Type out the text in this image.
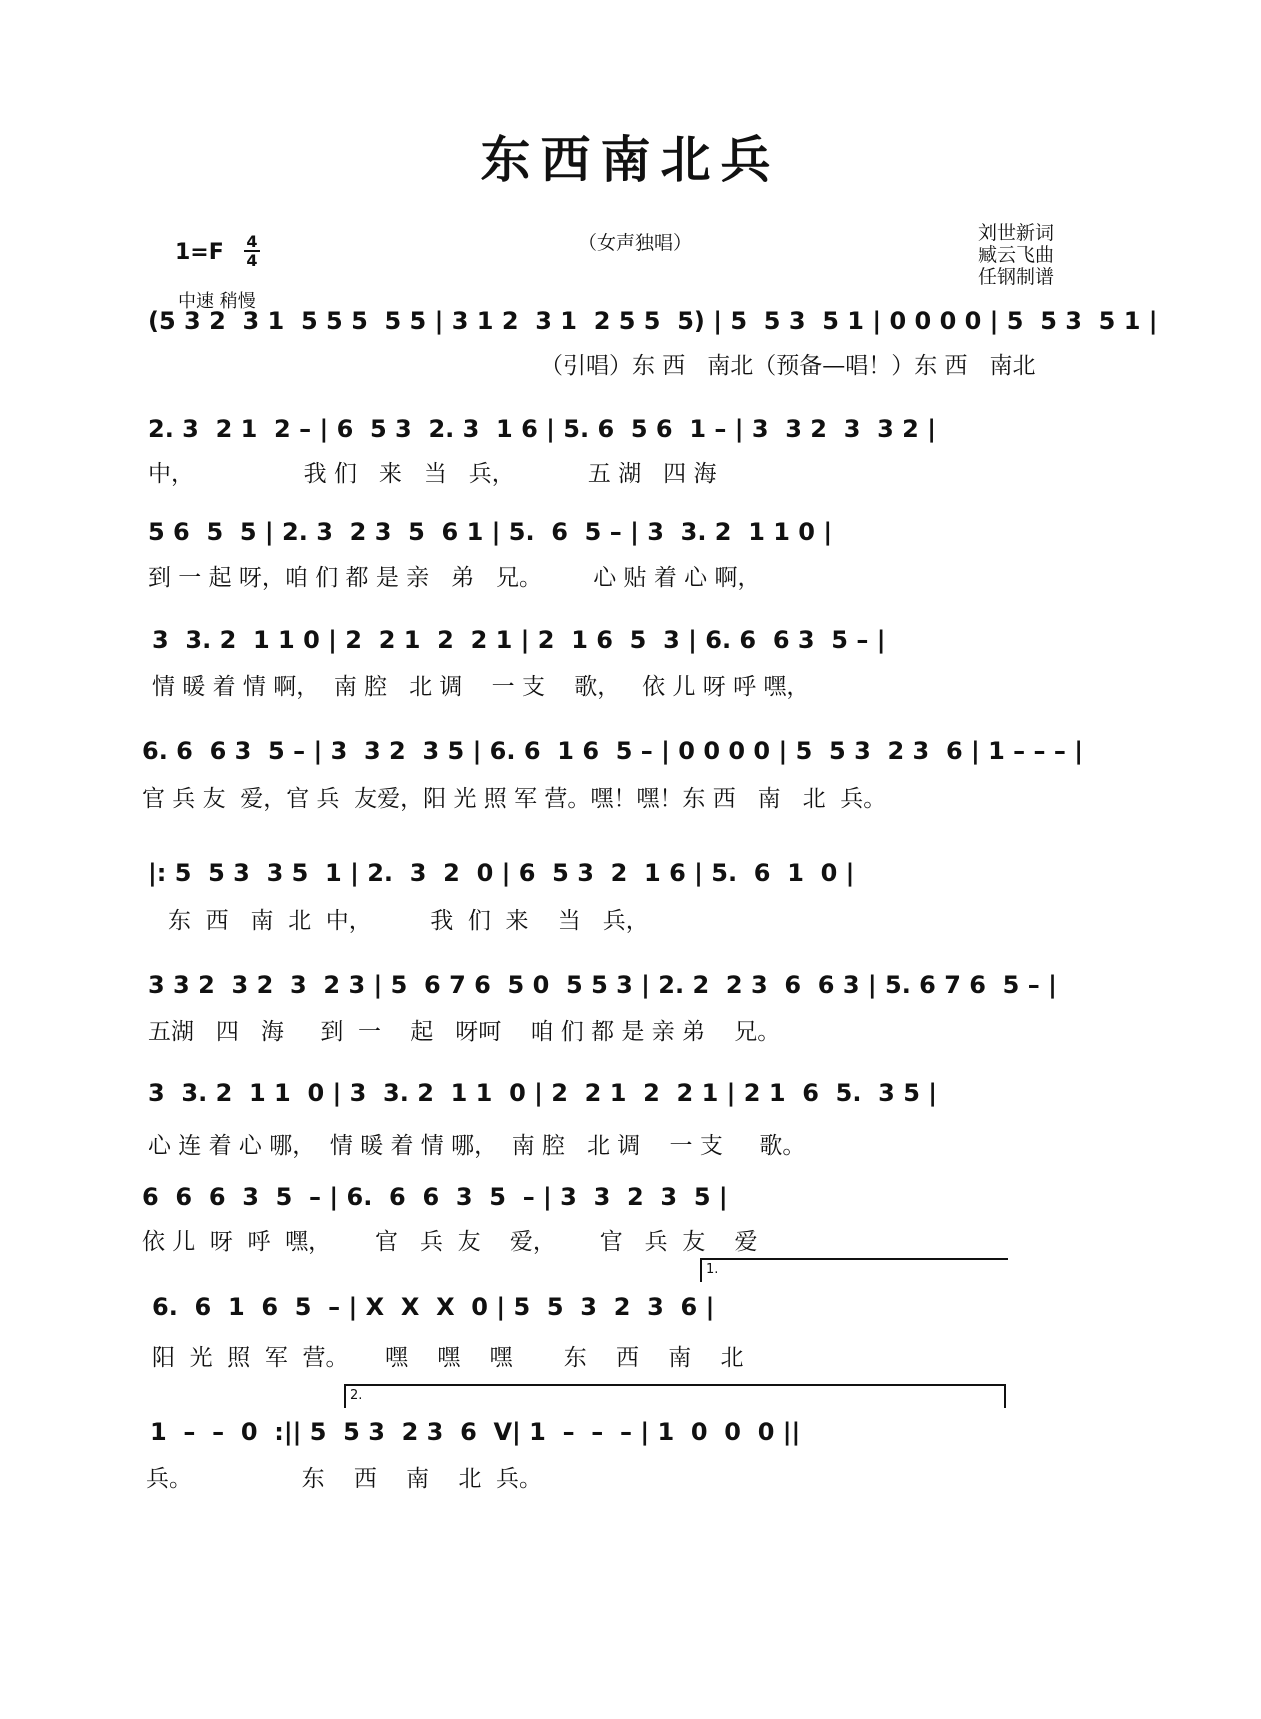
东西南北兵
1=F 4
4
中速 稍慢
（女声独唱）	刘世新词
臧云飞曲
任钢制谱
(5 3 2  3 1  5 5 5  5 5 | 3 1 2  3 1  2 5 5  5) | 5  5 3  5 1 | 0 0 0 0 | 5  5 3  5 1 |
（引唱）东 西   南北（预备—唱！）东 西   南北
2. 3  2 1  2 – | 6  5 3  2. 3  1 6 | 5. 6  5 6  1 – | 3  3 2  3  3 2 |
中，               我 们   来   当   兵，          五 湖   四 海
5 6  5  5 | 2. 3  2 3  5  6 1 | 5.  6  5 – | 3  3. 2  1 1 0 |
到 一 起 呀，咱 们 都 是 亲   弟   兄。       心 贴 着 心 啊，
3  3. 2  1 1 0 | 2  2 1  2  2 1 | 2  1 6  5  3 | 6. 6  6 3  5 – |
情 暖 着 情 啊，  南 腔   北 调    一 支    歌，   依 儿 呀 呼 嘿，
6. 6  6 3  5 – | 3  3 2  3 5 | 6. 6  1 6  5 – | 0 0 0 0 | 5  5 3  2 3  6 | 1 – – – |
官 兵 友  爱，官 兵  友爱，阳 光 照 军 营。嘿！嘿！东 西   南   北  兵。
|: 5  5 3  3 5  1 | 2.  3  2  0 | 6  5 3  2  1 6 | 5.  6  1  0 |
东  西   南  北  中，        我  们  来    当   兵，
3 3 2  3 2  3  2 3 | 5  6 7 6  5 0  5 5 3 | 2. 2  2 3  6  6 3 | 5. 6 7 6  5 – |
五湖   四   海     到  一    起   呀呵    咱 们 都 是 亲 弟    兄。
3  3. 2  1 1  0 | 3  3. 2  1 1  0 | 2  2 1  2  2 1 | 2 1  6  5.  3 5 |
心 连 着 心 哪，  情 暖 着 情 哪，  南 腔   北 调    一 支     歌。
6  6  6  3  5  – | 6.  6  6  3  5  – | 3  3  2  3  5 |
依 儿  呀  呼  嘿，      官   兵  友    爱，      官   兵  友    爱
1.
6.  6  1  6  5  – | X  X  X  0 | 5  5  3  2  3  6 |
阳  光  照  军  营。     嘿    嘿    嘿       东    西    南    北
2.
1  –  –  0  :|| 5  5 3  2 3  6  V| 1  –  –  – | 1  0  0  0 ||
兵。               东    西    南    北  兵。
